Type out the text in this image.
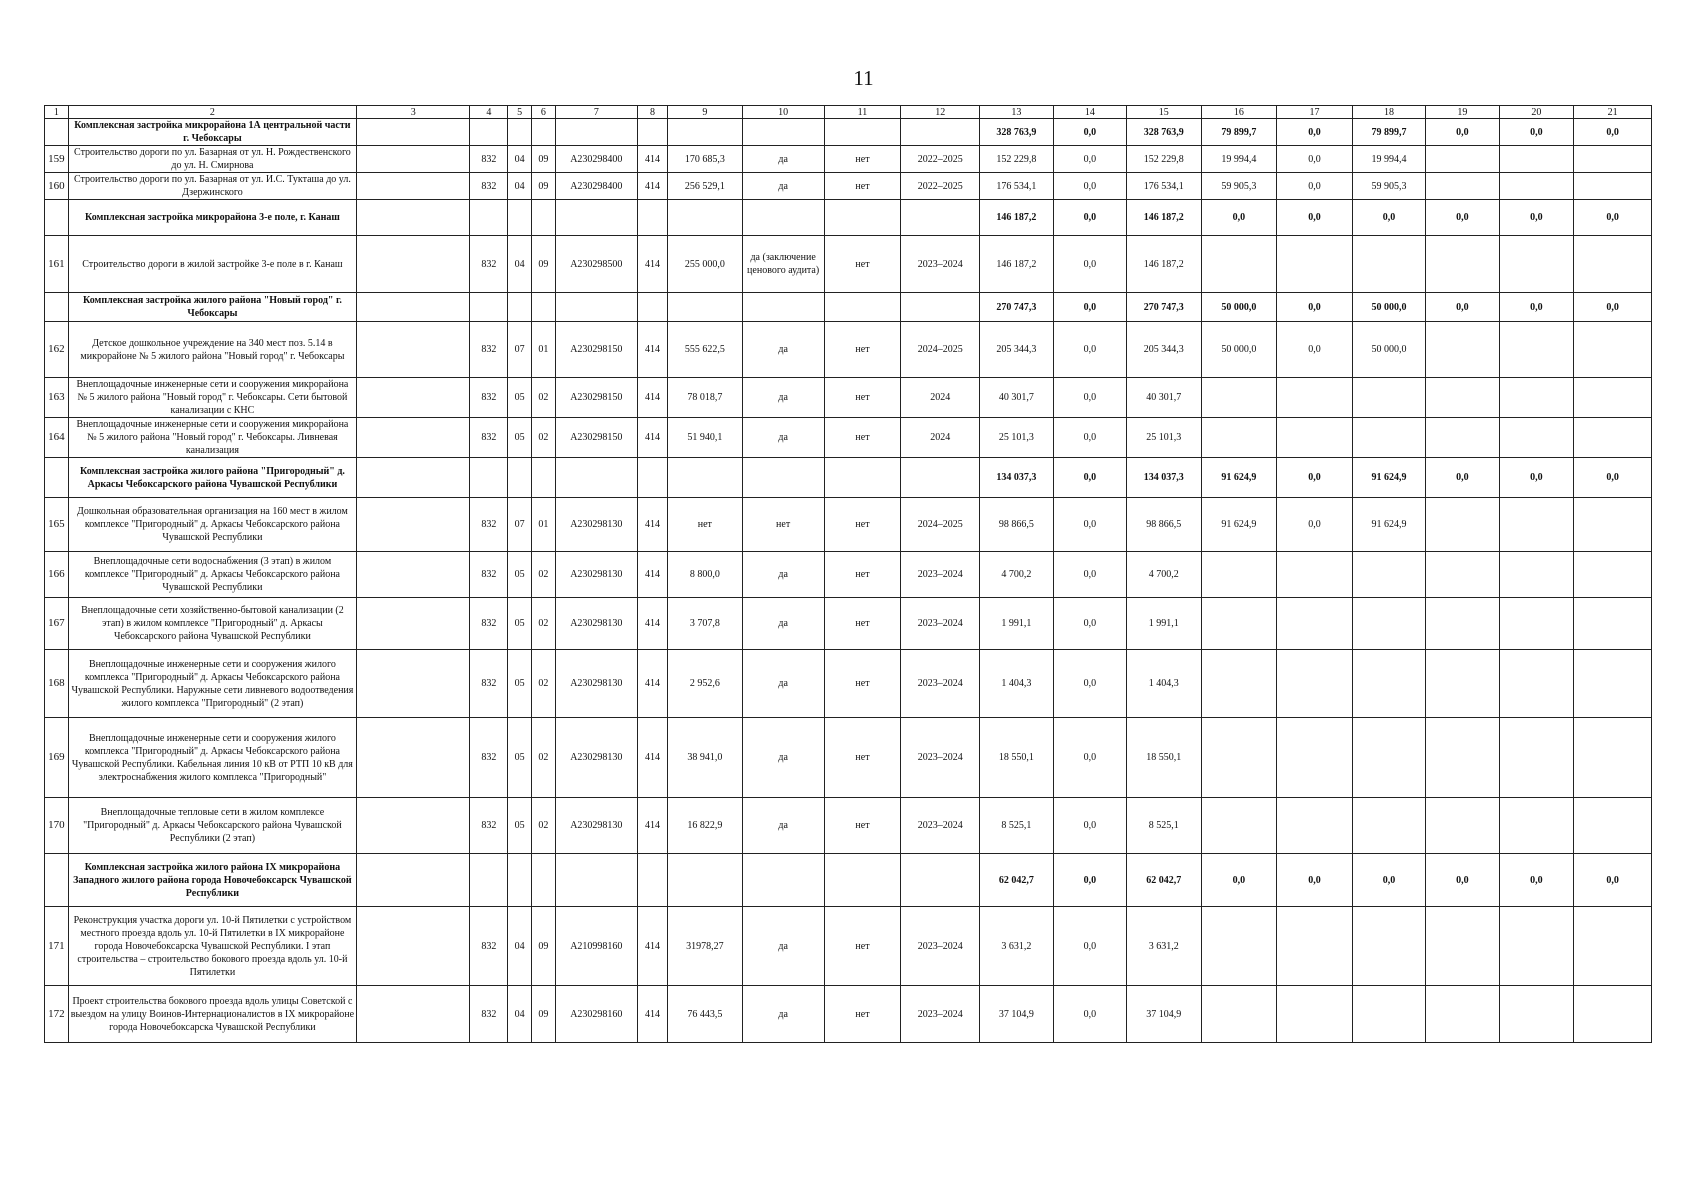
11
1	2	3	4	5	6	7	8	9	10	11	12	13	14	15	16	17	18	19	20	21
	Комплексная застройка микрорайона 1А центральной части г. Чебоксары											328 763,9	0,0	328 763,9	79 899,7	0,0	79 899,7	0,0	0,0	0,0
159	Строительство дороги по ул. Базарная от ул. Н. Рождественского до ул. Н. Смирнова		832	04	09	А230298400	414	170 685,3	да	нет	2022–2025	152 229,8	0,0	152 229,8	19 994,4	0,0	19 994,4			
160	Строительство дороги по ул. Базарная от ул. И.С. Тукташа до ул. Дзержинского		832	04	09	А230298400	414	256 529,1	да	нет	2022–2025	176 534,1	0,0	176 534,1	59 905,3	0,0	59 905,3			
	Комплексная застройка микрорайона 3-е поле, г. Канаш											146 187,2	0,0	146 187,2	0,0	0,0	0,0	0,0	0,0	0,0
161	Строительство дороги в жилой застройке 3-е поле в г. Канаш		832	04	09	А230298500	414	255 000,0	да (заключение ценового аудита)	нет	2023–2024	146 187,2	0,0	146 187,2						
	Комплексная застройка жилого района "Новый город" г. Чебоксары											270 747,3	0,0	270 747,3	50 000,0	0,0	50 000,0	0,0	0,0	0,0
162	Детское дошкольное учреждение на 340 мест поз. 5.14 в микрорайоне № 5 жилого района "Новый город" г. Чебоксары		832	07	01	А230298150	414	555 622,5	да	нет	2024–2025	205 344,3	0,0	205 344,3	50 000,0	0,0	50 000,0			
163	Внеплощадочные инженерные сети и сооружения микрорайона № 5 жилого района "Новый город" г. Чебоксары. Сети бытовой канализации с КНС		832	05	02	А230298150	414	78 018,7	да	нет	2024	40 301,7	0,0	40 301,7						
164	Внеплощадочные инженерные сети и сооружения микрорайона № 5 жилого района "Новый город" г. Чебоксары. Ливневая канализация		832	05	02	А230298150	414	51 940,1	да	нет	2024	25 101,3	0,0	25 101,3						
	Комплексная застройка жилого района "Пригородный" д. Аркасы Чебоксарского района Чувашской Республики											134 037,3	0,0	134 037,3	91 624,9	0,0	91 624,9	0,0	0,0	0,0
165	Дошкольная образовательная организация на 160 мест в жилом комплексе "Пригородный" д. Аркасы Чебоксарского района Чувашской Республики		832	07	01	А230298130	414	нет	нет	нет	2024–2025	98 866,5	0,0	98 866,5	91 624,9	0,0	91 624,9			
166	Внеплощадочные сети водоснабжения (3 этап) в жилом комплексе "Пригородный" д. Аркасы Чебоксарского района Чувашской Республики		832	05	02	А230298130	414	8 800,0	да	нет	2023–2024	4 700,2	0,0	4 700,2						
167	Внеплощадочные сети хозяйственно-бытовой канализации (2 этап) в жилом комплексе "Пригородный" д. Аркасы Чебоксарского района Чувашской Республики		832	05	02	А230298130	414	3 707,8	да	нет	2023–2024	1 991,1	0,0	1 991,1						
168	Внеплощадочные инженерные сети и сооружения жилого комплекса "Пригородный" д. Аркасы Чебоксарского района Чувашской Республики. Наружные сети ливневого водоотведения жилого комплекса "Пригородный" (2 этап)		832	05	02	А230298130	414	2 952,6	да	нет	2023–2024	1 404,3	0,0	1 404,3						
169	Внеплощадочные инженерные сети и сооружения жилого комплекса "Пригородный" д. Аркасы Чебоксарского района Чувашской Республики. Кабельная линия 10 кВ от РТП 10 кВ для электроснабжения жилого комплекса "Пригородный"		832	05	02	А230298130	414	38 941,0	да	нет	2023–2024	18 550,1	0,0	18 550,1						
170	Внеплощадочные тепловые сети в жилом комплексе "Пригородный" д. Аркасы Чебоксарского района Чувашской Республики (2 этап)		832	05	02	А230298130	414	16 822,9	да	нет	2023–2024	8 525,1	0,0	8 525,1						
	Комплексная застройка жилого района IX микрорайона Западного жилого района города Новочебоксарск Чувашской Республики											62 042,7	0,0	62 042,7	0,0	0,0	0,0	0,0	0,0	0,0
171	Реконструкция участка дороги ул. 10-й Пятилетки с устройством местного проезда вдоль ул. 10-й Пятилетки в IX микрорайоне города Новочебоксарска Чувашской Республики. I этап строительства – строительство бокового проезда вдоль ул. 10-й Пятилетки		832	04	09	А210998160	414	31978,27	да	нет	2023–2024	3 631,2	0,0	3 631,2						
172	Проект строительства бокового проезда вдоль улицы Советской с выездом на улицу Воинов-Интернационалистов в IX микрорайоне города Новочебоксарска Чувашской Республики		832	04	09	А230298160	414	76 443,5	да	нет	2023–2024	37 104,9	0,0	37 104,9						
